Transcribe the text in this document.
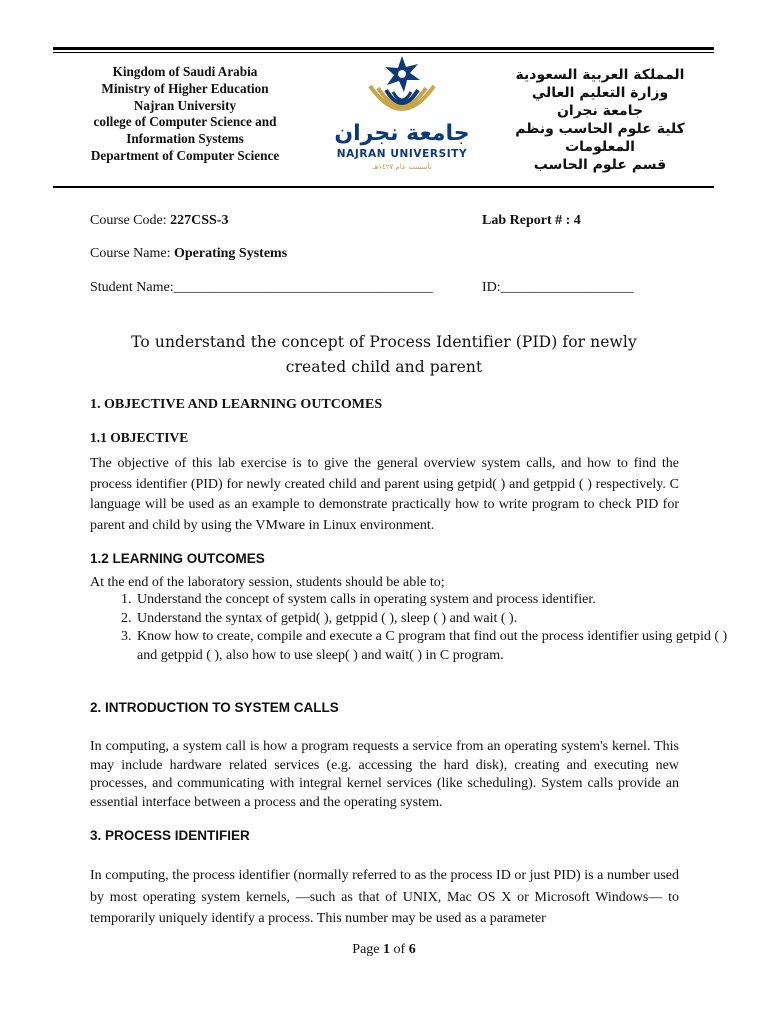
Kingdom of Saudi Arabia
Ministry of Higher Education
Najran University
college of Computer Science and
Information Systems
Department of Computer Science
جامعة نجران
NAJRAN UNIVERSITY
تأسست عام ١٤٢٧هـ
المملكة العربية السعودية
وزارة التعليم العالي
جامعة نجران
كلية علوم الحاسب ونظم المعلومات
قسم علوم الحاسب
Course Code: 227CSS-3	Lab Report # : 4
Course Name: Operating Systems
Student Name:_____________________________________	ID:___________________
To understand the concept of Process Identifier (PID) for newly
created child and parent
1. OBJECTIVE AND LEARNING OUTCOMES
1.1 OBJECTIVE
The objective of this lab exercise is to give the general overview system calls, and how to find the process identifier (PID) for newly created child and parent using getpid( ) and getppid ( ) respectively. C language will be used as an example to demonstrate practically how to write program to check PID for parent and child by using the VMware in Linux environment.
1.2 LEARNING OUTCOMES
At the end of the laboratory session, students should be able to;
1. Understand the concept of system calls in operating system and process identifier.
2. Understand the syntax of getpid( ), getppid ( ), sleep ( ) and wait ( ).
3. Know how to create, compile and execute a C program that find out the process identifier using getpid ( ) and getppid ( ), also how to use sleep( ) and wait( ) in C program.
2. INTRODUCTION TO SYSTEM CALLS
In computing, a system call is how a program requests a service from an operating system's kernel. This may include hardware related services (e.g. accessing the hard disk), creating and executing new processes, and communicating with integral kernel services (like scheduling). System calls provide an essential interface between a process and the operating system.
3. PROCESS IDENTIFIER
In computing, the process identifier (normally referred to as the process ID or just PID) is a number used by most operating system kernels, —such as that of UNIX, Mac OS X or Microsoft Windows— to temporarily uniquely identify a process. This number may be used as a parameter
Page 1 of 6
